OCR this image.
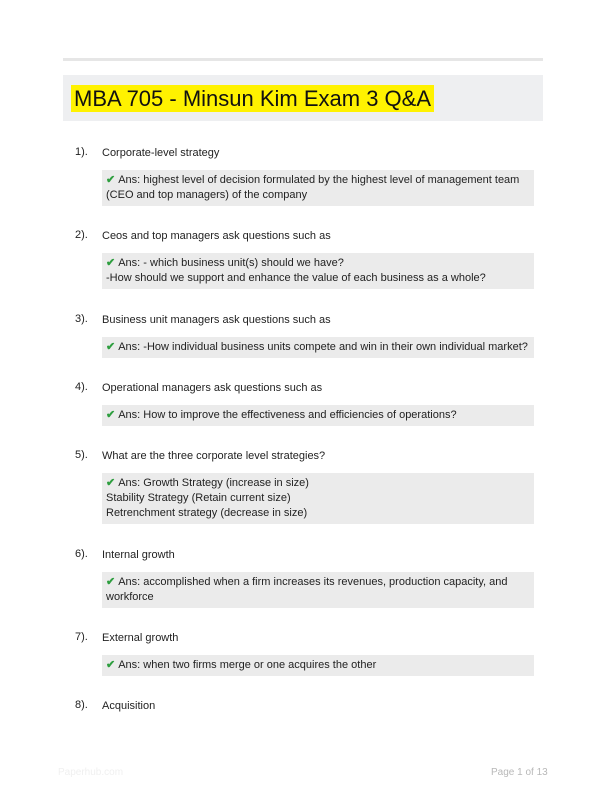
MBA 705 - Minsun Kim Exam 3 Q&A
1). Corporate-level strategy
✔ Ans: highest level of decision formulated by the highest level of management team (CEO and top managers) of the company
2). Ceos and top managers ask questions such as
✔ Ans: - which business unit(s) should we have?
-How should we support and enhance the value of each business as a whole?
3). Business unit managers ask questions such as
✔ Ans: -How individual business units compete and win in their own individual market?
4). Operational managers ask questions such as
✔ Ans: How to improve the effectiveness and efficiencies of operations?
5). What are the three corporate level strategies?
✔ Ans: Growth Strategy (increase in size)
Stability Strategy (Retain current size)
Retrenchment strategy (decrease in size)
6). Internal growth
✔ Ans: accomplished when a firm increases its revenues, production capacity, and workforce
7). External growth
✔ Ans: when two firms merge or one acquires the other
8). Acquisition
Paperhub.com	Page 1 of 13
